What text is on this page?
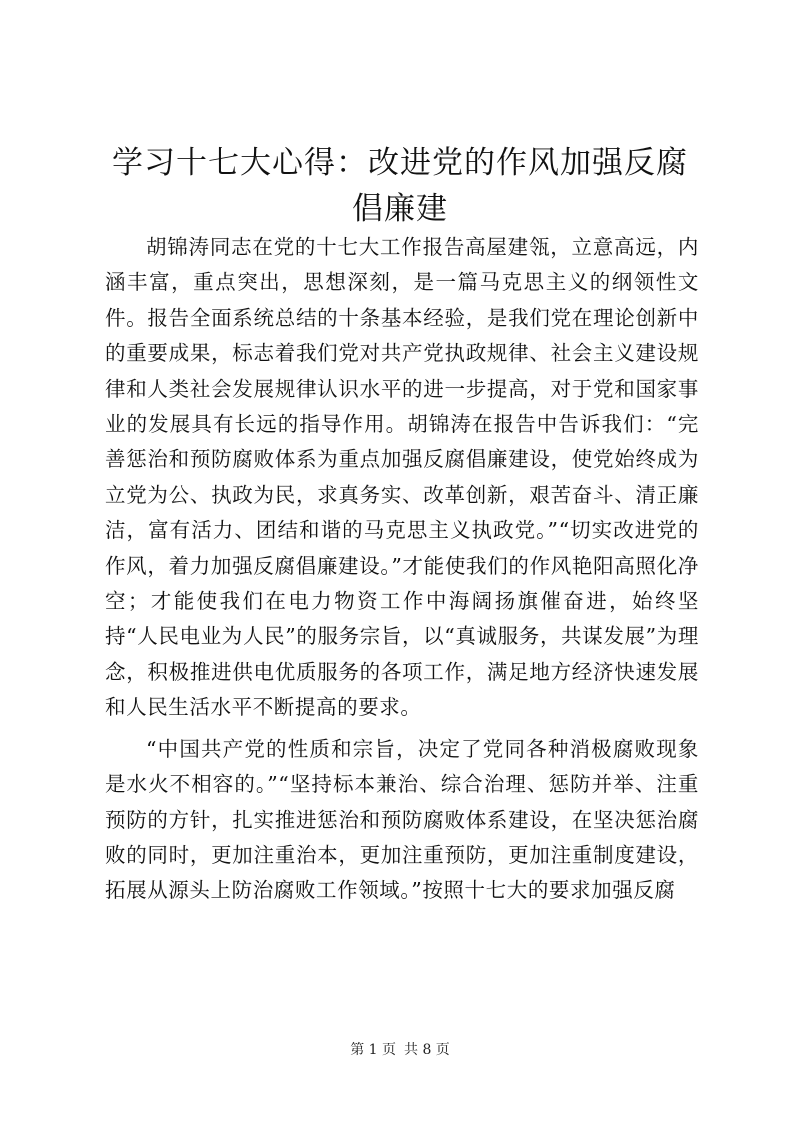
学习十七大心得：改进党的作风加强反腐倡廉建

胡锦涛同志在党的十七大工作报告高屋建瓴，立意高远，内涵丰富，重点突出，思想深刻，是一篇马克思主义的纲领性文件。报告全面系统总结的十条基本经验，是我们党在理论创新中的重要成果，标志着我们党对共产党执政规律、社会主义建设规律和人类社会发展规律认识水平的进一步提高，对于党和国家事业的发展具有长远的指导作用。胡锦涛在报告中告诉我们：“完善惩治和预防腐败体系为重点加强反腐倡廉建设，使党始终成为立党为公、执政为民，求真务实、改革创新，艰苦奋斗、清正廉洁，富有活力、团结和谐的马克思主义执政党。”“切实改进党的作风，着力加强反腐倡廉建设。”才能使我们的作风艳阳高照化净空；才能使我们在电力物资工作中海阔扬旗催奋进，始终坚持“人民电业为人民”的服务宗旨，以“真诚服务，共谋发展”为理念，积极推进供电优质服务的各项工作，满足地方经济快速发展和人民生活水平不断提高的要求。

“中国共产党的性质和宗旨，决定了党同各种消极腐败现象是水火不相容的。”“坚持标本兼治、综合治理、惩防并举、注重预防的方针，扎实推进惩治和预防腐败体系建设，在坚决惩治腐败的同时，更加注重治本，更加注重预防，更加注重制度建设，拓展从源头上防治腐败工作领域。”按照十七大的要求加强反腐

第 1 页 共 8 页
